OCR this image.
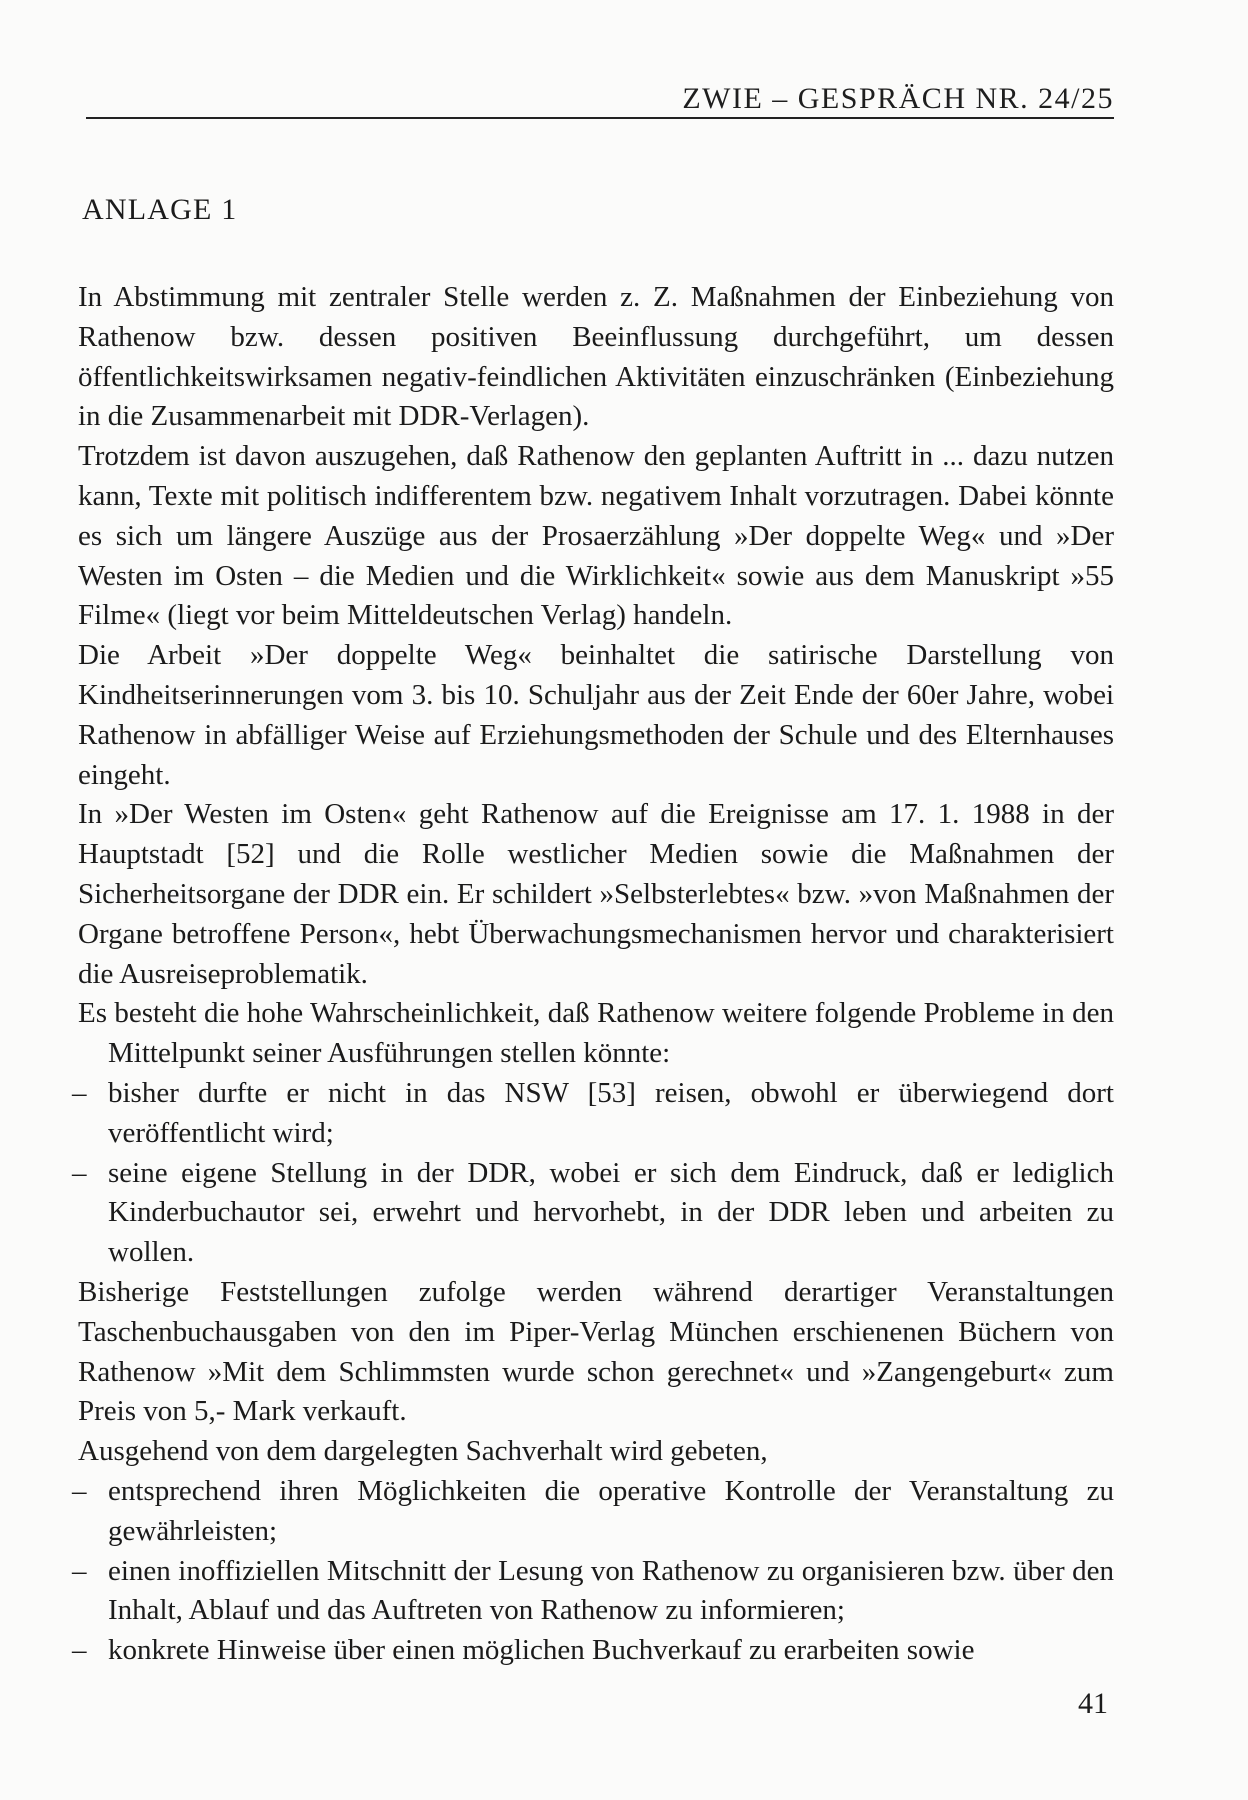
ZWIE – GESPRÄCH NR. 24/25
ANLAGE 1

In Abstimmung mit zentraler Stelle werden z. Z. Maßnahmen der Einbeziehung von Rathenow bzw. dessen positiven Beeinflussung durchgeführt, um dessen öffentlichkeitswirksamen negativ-feindlichen Aktivitäten einzuschränken (Einbeziehung in die Zusammenarbeit mit DDR-Verlagen).

Trotzdem ist davon auszugehen, daß Rathenow den geplanten Auftritt in ... dazu nutzen kann, Texte mit politisch indifferentem bzw. negativem Inhalt vorzutragen. Dabei könnte es sich um längere Auszüge aus der Prosaerzählung »Der doppelte Weg« und »Der Westen im Osten – die Medien und die Wirklichkeit« sowie aus dem Manuskript »55 Filme« (liegt vor beim Mitteldeutschen Verlag) handeln.

Die Arbeit »Der doppelte Weg« beinhaltet die satirische Darstellung von Kindheitserinnerungen vom 3. bis 10. Schuljahr aus der Zeit Ende der 60er Jahre, wobei Rathenow in abfälliger Weise auf Erziehungsmethoden der Schule und des Elternhauses eingeht.

In »Der Westen im Osten« geht Rathenow auf die Ereignisse am 17. 1. 1988 in der Hauptstadt [52] und die Rolle westlicher Medien sowie die Maßnahmen der Sicherheitsorgane der DDR ein. Er schildert »Selbsterlebtes« bzw. »von Maßnahmen der Organe betroffene Person«, hebt Überwachungsmechanismen hervor und charakterisiert die Ausreiseproblematik.

Es besteht die hohe Wahrscheinlichkeit, daß Rathenow weitere folgende Probleme in den Mittelpunkt seiner Ausführungen stellen könnte:

– bisher durfte er nicht in das NSW [53] reisen, obwohl er überwiegend dort veröffentlicht wird;
– seine eigene Stellung in der DDR, wobei er sich dem Eindruck, daß er lediglich Kinderbuchautor sei, erwehrt und hervorhebt, in der DDR leben und arbeiten zu wollen.

Bisherige Feststellungen zufolge werden während derartiger Veranstaltungen Taschenbuchausgaben von den im Piper-Verlag München erschienenen Büchern von Rathenow »Mit dem Schlimmsten wurde schon gerechnet« und »Zangengeburt« zum Preis von 5,- Mark verkauft.

Ausgehend von dem dargelegten Sachverhalt wird gebeten,

– entsprechend ihren Möglichkeiten die operative Kontrolle der Veranstaltung zu gewährleisten;
– einen inoffiziellen Mitschnitt der Lesung von Rathenow zu organisieren bzw. über den Inhalt, Ablauf und das Auftreten von Rathenow zu informieren;
– konkrete Hinweise über einen möglichen Buchverkauf zu erarbeiten sowie
41
